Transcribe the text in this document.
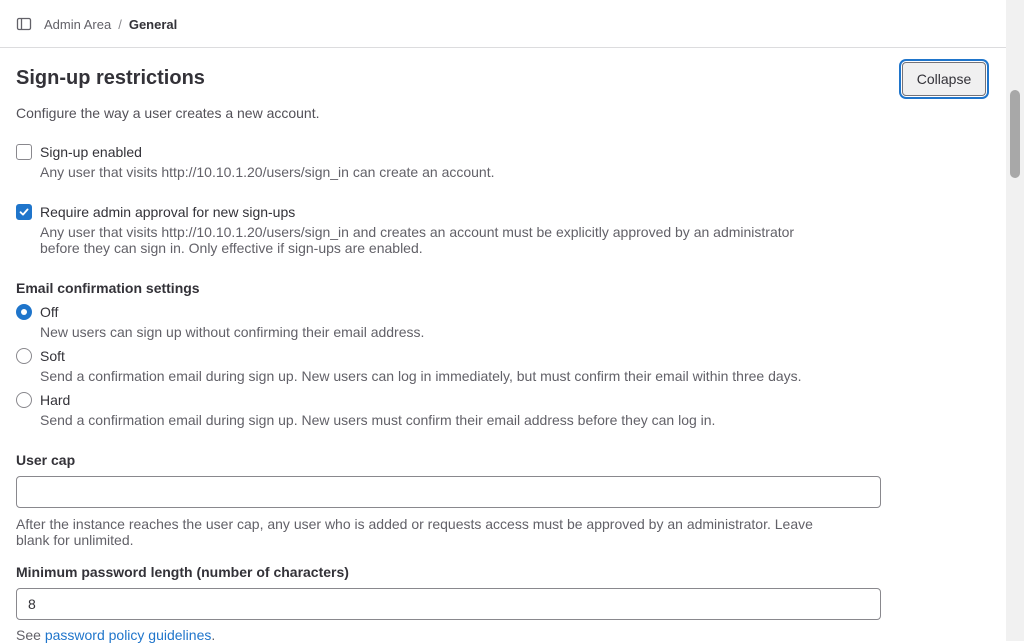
Admin Area / General
Sign-up restrictions	Collapse
Configure the way a user creates a new account.
Sign-up enabled
Any user that visits http://10.10.1.20/users/sign_in can create an account.
Require admin approval for new sign-ups
Any user that visits http://10.10.1.20/users/sign_in and creates an account must be explicitly approved by an administrator
before they can sign in. Only effective if sign-ups are enabled.
Email confirmation settings
Off
New users can sign up without confirming their email address.
Soft
Send a confirmation email during sign up. New users can log in immediately, but must confirm their email within three days.
Hard
Send a confirmation email during sign up. New users must confirm their email address before they can log in.
User cap
After the instance reaches the user cap, any user who is added or requests access must be approved by an administrator. Leave
blank for unlimited.
Minimum password length (number of characters)
8
See password policy guidelines.
